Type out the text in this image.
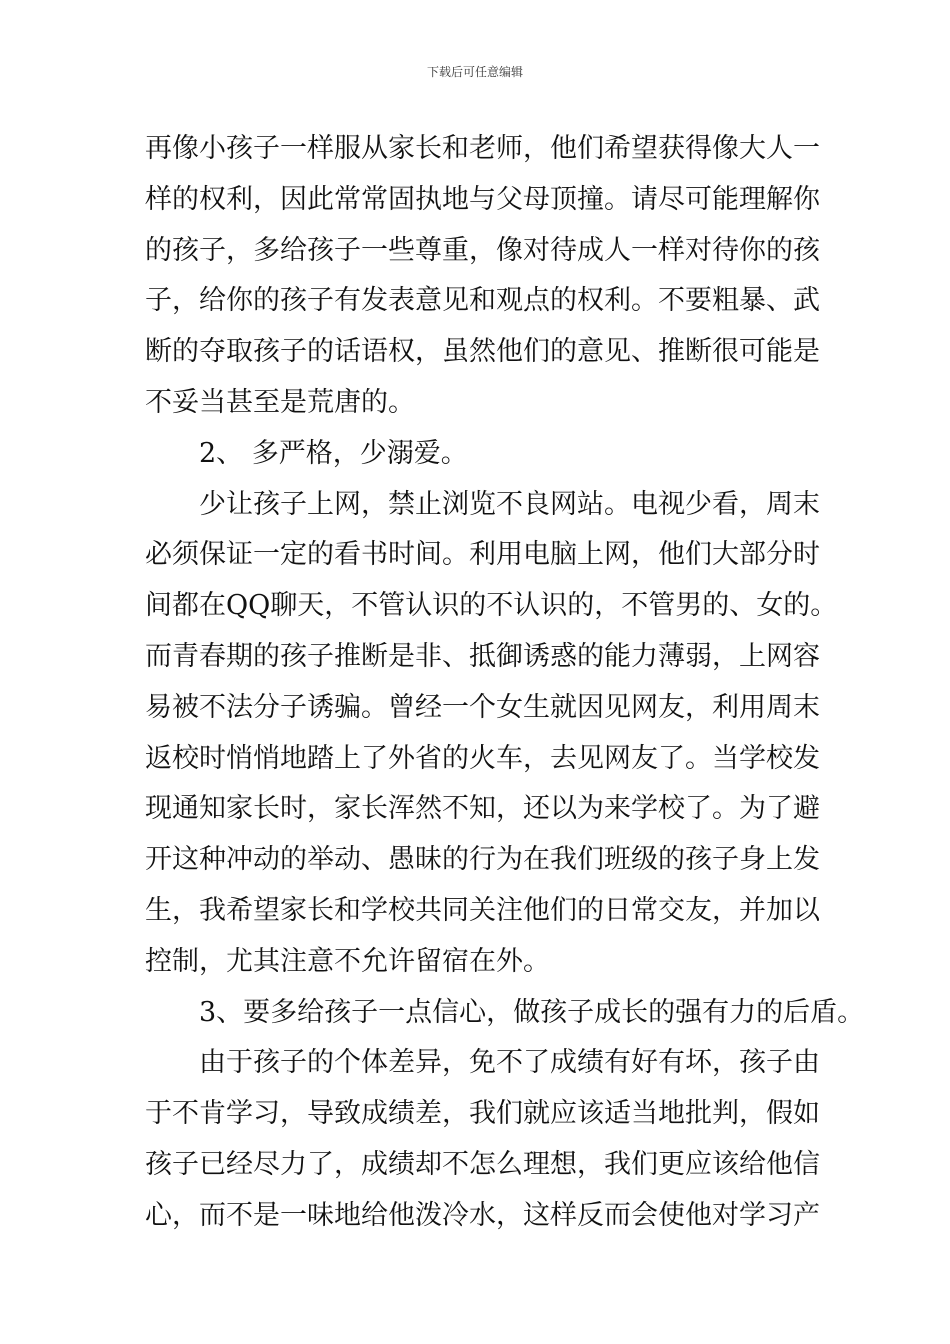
下载后可任意编辑
再像小孩子一样服从家长和老师，他们希望获得像大人一
样的权利，因此常常固执地与父母顶撞。请尽可能理解你
的孩子，多给孩子一些尊重，像对待成人一样对待你的孩
子，给你的孩子有发表意见和观点的权利。不要粗暴、武
断的夺取孩子的话语权，虽然他们的意见、推断很可能是
不妥当甚至是荒唐的。
2、 多严格，少溺爱。
少让孩子上网，禁止浏览不良网站。电视少看，周末
必须保证一定的看书时间。利用电脑上网，他们大部分时
间都在QQ聊天，不管认识的不认识的，不管男的、女的。
而青春期的孩子推断是非、抵御诱惑的能力薄弱，上网容
易被不法分子诱骗。曾经一个女生就因见网友，利用周末
返校时悄悄地踏上了外省的火车，去见网友了。当学校发
现通知家长时，家长浑然不知，还以为来学校了。为了避
开这种冲动的举动、愚昧的行为在我们班级的孩子身上发
生，我希望家长和学校共同关注他们的日常交友，并加以
控制，尤其注意不允许留宿在外。
3、要多给孩子一点信心，做孩子成长的强有力的后盾。
由于孩子的个体差异，免不了成绩有好有坏，孩子由
于不肯学习，导致成绩差，我们就应该适当地批判，假如
孩子已经尽力了，成绩却不怎么理想，我们更应该给他信
心，而不是一味地给他泼冷水，这样反而会使他对学习产
